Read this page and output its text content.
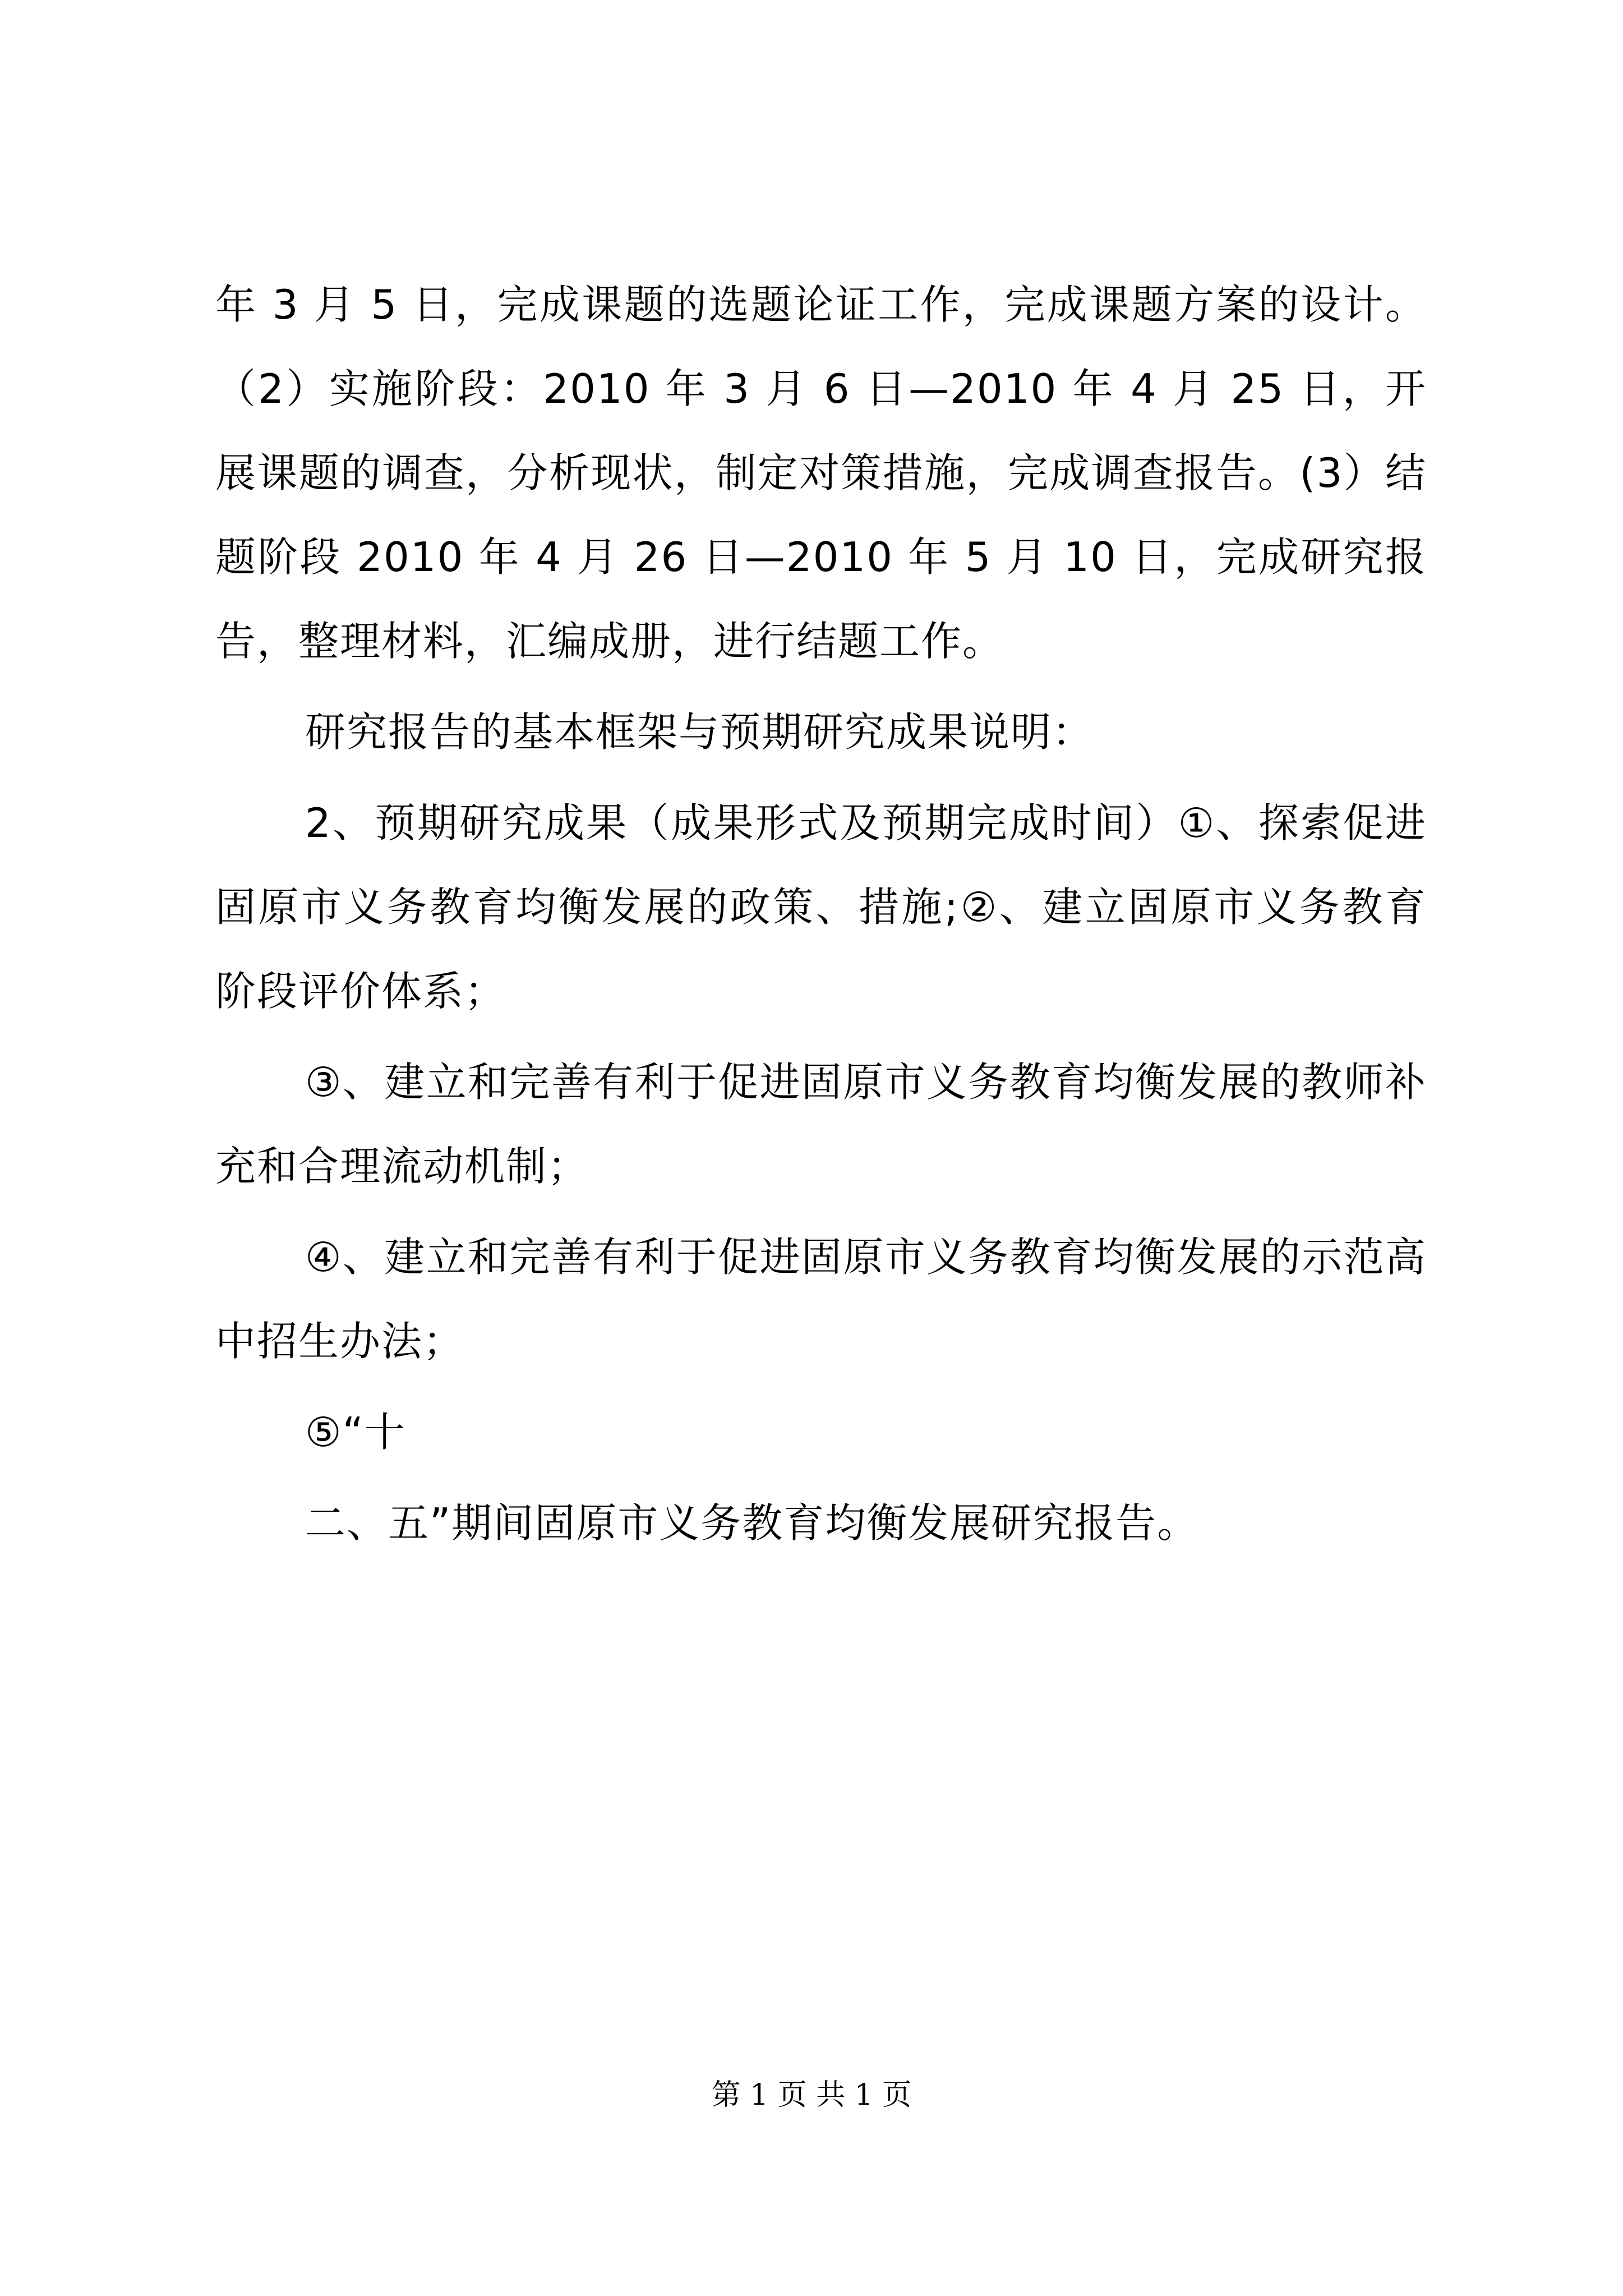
年 3 月 5 日，完成课题的选题论证工作，完成课题方案的设计。（2）实施阶段：2010 年 3 月 6 日—2010 年 4 月 25 日，开展课题的调查，分析现状，制定对策措施，完成调查报告。(3）结题阶段 2010 年 4 月 26 日—2010 年 5 月 10 日，完成研究报告，整理材料，汇编成册，进行结题工作。

研究报告的基本框架与预期研究成果说明：

2、预期研究成果（成果形式及预期完成时间）①、探索促进固原市义务教育均衡发展的政策、措施;②、建立固原市义务教育阶段评价体系；

③、建立和完善有利于促进固原市义务教育均衡发展的教师补充和合理流动机制；

④、建立和完善有利于促进固原市义务教育均衡发展的示范高中招生办法；

⑤“十

二、五”期间固原市义务教育均衡发展研究报告。

第 1 页 共 1 页
